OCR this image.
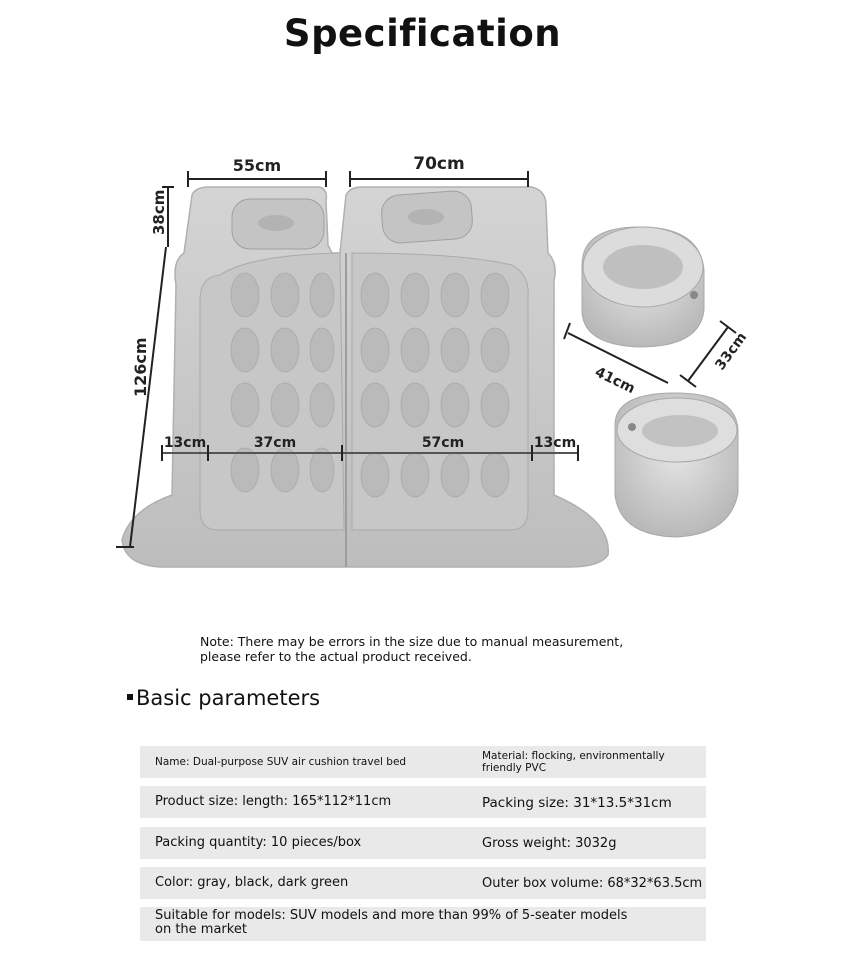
Specification
55cm	70cm
38cm
126cm
13cm	37cm	57cm	13cm
41cm
33cm
Note: There may be errors in the size due to manual measurement,
please refer to the actual product received.
Basic parameters
Name: Dual-purpose SUV air cushion travel bed	Material: flocking, environmentally friendly PVC
Product size: length: 165*112*11cm	Packing size: 31*13.5*31cm
Packing quantity: 10 pieces/box	Gross weight: 3032g
Color: gray, black, dark green	Outer box volume: 68*32*63.5cm
Suitable for models: SUV models and more than 99% of 5-seater models on the market
